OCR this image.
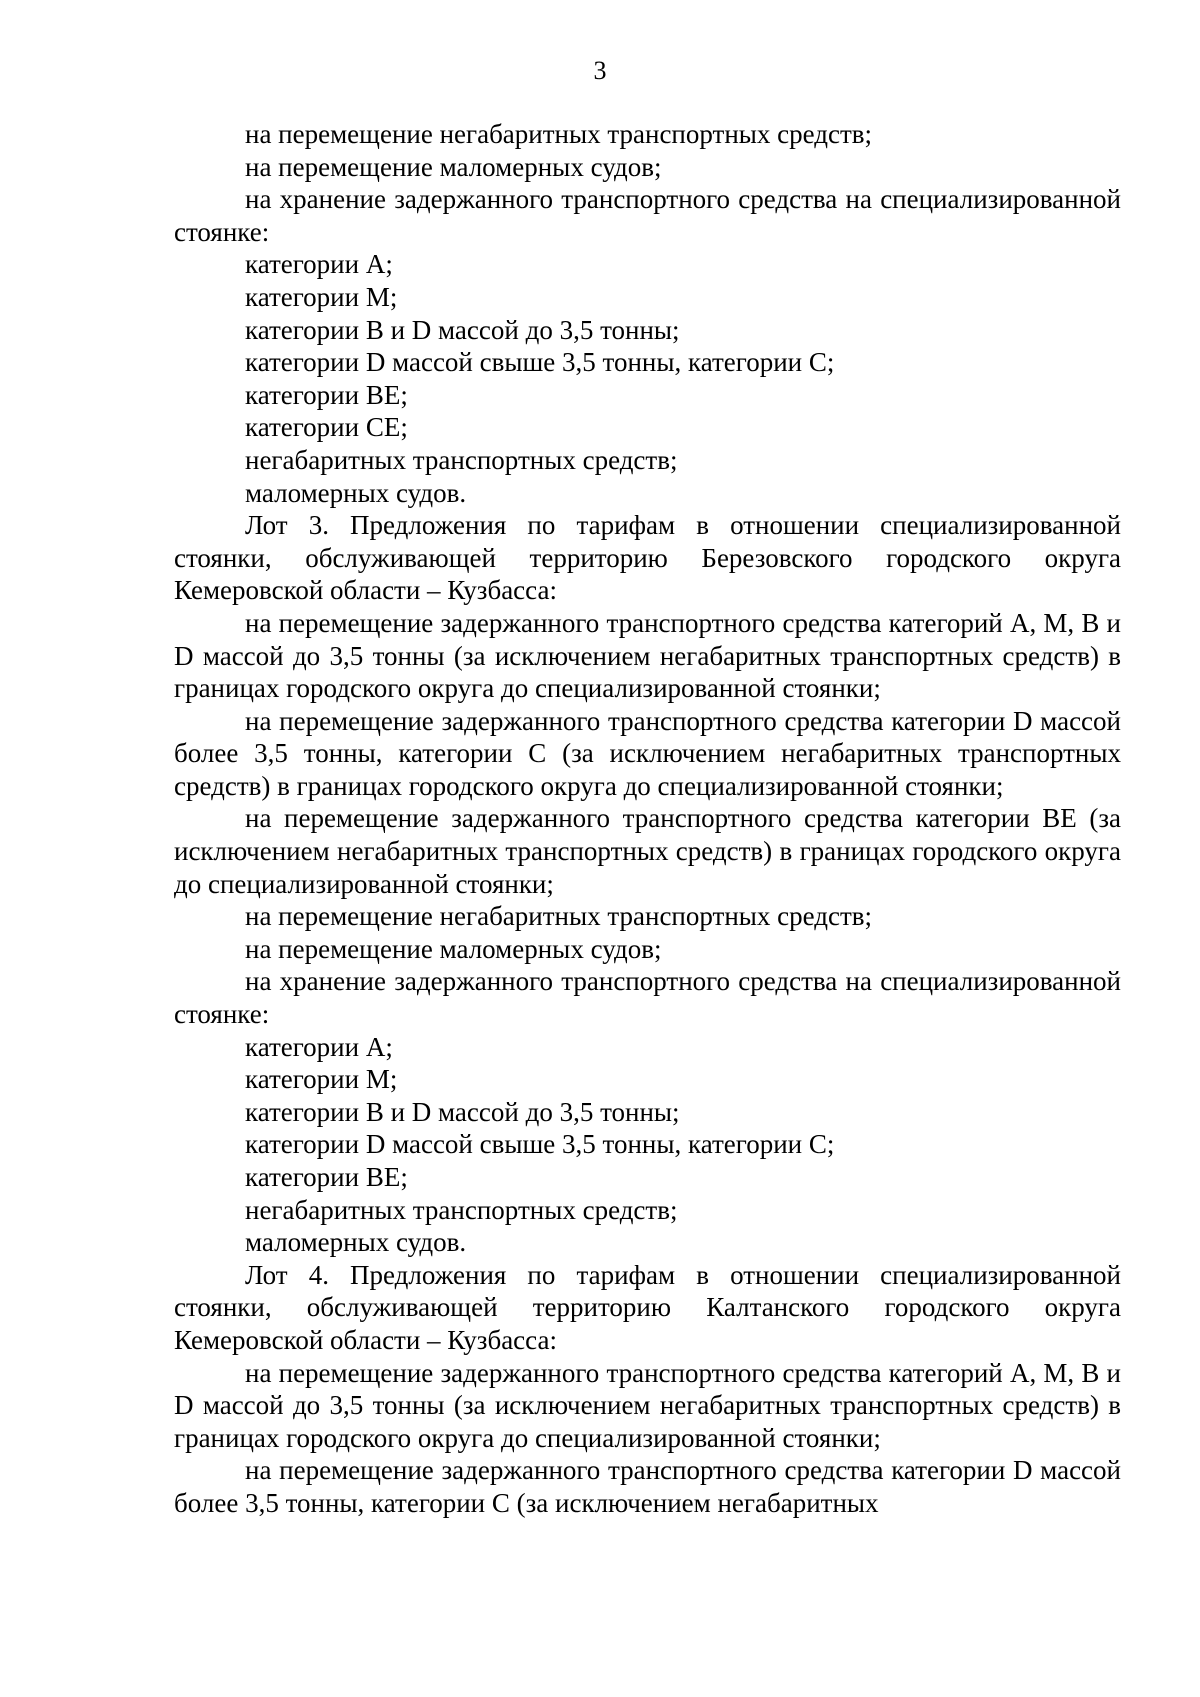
3

на перемещение негабаритных транспортных средств;

на перемещение маломерных судов;

на хранение задержанного транспортного средства на специализированной стоянке:

категории А;

категории М;

категории В и D массой до 3,5 тонны;

категории D массой свыше 3,5 тонны, категории С;

категории ВЕ;

категории СЕ;

негабаритных транспортных средств;

маломерных судов.

Лот 3. Предложения по тарифам в отношении специализированной стоянки, обслуживающей территорию Березовского городского округа Кемеровской области – Кузбасса:

на перемещение задержанного транспортного средства категорий А, М, В и D массой до 3,5 тонны (за исключением негабаритных транспортных средств) в границах городского округа до специализированной стоянки;

на перемещение задержанного транспортного средства категории D массой более 3,5 тонны, категории С (за исключением негабаритных транспортных средств) в границах городского округа до специализированной стоянки;

на перемещение задержанного транспортного средства категории ВЕ (за исключением негабаритных транспортных средств) в границах городского округа до специализированной стоянки;

на перемещение негабаритных транспортных средств;

на перемещение маломерных судов;

на хранение задержанного транспортного средства на специализированной стоянке:

категории А;

категории М;

категории В и D массой до 3,5 тонны;

категории D массой свыше 3,5 тонны, категории С;

категории ВЕ;

негабаритных транспортных средств;

маломерных судов.

Лот 4. Предложения по тарифам в отношении специализированной стоянки, обслуживающей территорию Калтанского городского округа Кемеровской области – Кузбасса:

на перемещение задержанного транспортного средства категорий А, М, В и D массой до 3,5 тонны (за исключением негабаритных транспортных средств) в границах городского округа до специализированной стоянки;

на перемещение задержанного транспортного средства категории D массой более 3,5 тонны, категории С (за исключением негабаритных
